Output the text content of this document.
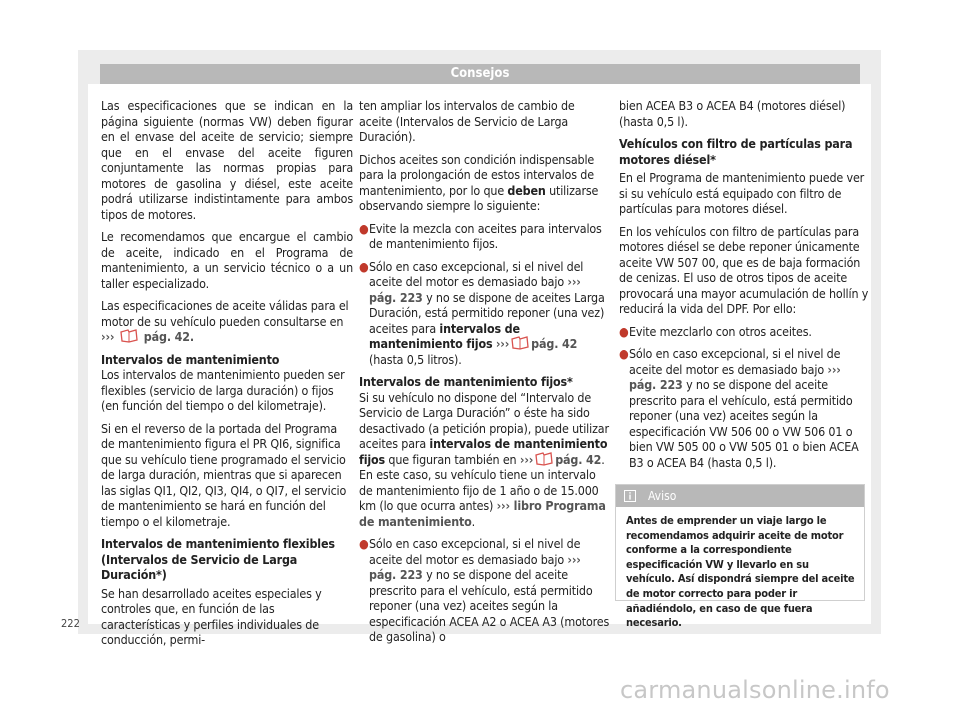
Consejos

Las especificaciones que se indican en la página siguiente (normas VW) deben figurar en el envase del aceite de servicio; siempre que en el envase del aceite figuren conjuntamente las normas propias para motores de gasolina y diésel, este aceite podrá utilizarse indistintamente para ambos tipos de motores.

Le recomendamos que encargue el cambio de aceite, indicado en el Programa de mantenimiento, a un servicio técnico o a un taller especializado.

Las especificaciones de aceite válidas para el motor de su vehículo pueden consultarse en ››› pág. 42.

Intervalos de mantenimiento

Los intervalos de mantenimiento pueden ser flexibles (servicio de larga duración) o fijos (en función del tiempo o del kilometraje).

Si en el reverso de la portada del Programa de mantenimiento figura el PR QI6, significa que su vehículo tiene programado el servicio de larga duración, mientras que si aparecen las siglas QI1, QI2, QI3, QI4, o QI7, el servicio de mantenimiento se hará en función del tiempo o el kilometraje.

Intervalos de mantenimiento flexibles (Intervalos de Servicio de Larga Duración*)

Se han desarrollado aceites especiales y controles que, en función de las características y perfiles individuales de conducción, permi-

ten ampliar los intervalos de cambio de aceite (Intervalos de Servicio de Larga Duración).

Dichos aceites son condición indispensable para la prolongación de estos intervalos de mantenimiento, por lo que deben utilizarse observando siempre lo siguiente:

● Evite la mezcla con aceites para intervalos de mantenimiento fijos.

● Sólo en caso excepcional, si el nivel del aceite del motor es demasiado bajo ››› pág. 223 y no se dispone de aceites Larga Duración, está permitido reponer (una vez) aceites para intervalos de mantenimiento fijos ››› pág. 42 (hasta 0,5 litros).

Intervalos de mantenimiento fijos*

Si su vehículo no dispone del “Intervalo de Servicio de Larga Duración” o éste ha sido desactivado (a petición propia), puede utilizar aceites para intervalos de mantenimiento fijos que figuran también en ››› pág. 42. En este caso, su vehículo tiene un intervalo de mantenimiento fijo de 1 año o de 15.000 km (lo que ocurra antes) ››› libro Programa de mantenimiento.

● Sólo en caso excepcional, si el nivel de aceite del motor es demasiado bajo ››› pág. 223 y no se dispone del aceite prescrito para el vehículo, está permitido reponer (una vez) aceites según la especificación ACEA A2 o ACEA A3 (motores de gasolina) o

bien ACEA B3 o ACEA B4 (motores diésel) (hasta 0,5 l).

Vehículos con filtro de partículas para motores diésel*

En el Programa de mantenimiento puede ver si su vehículo está equipado con filtro de partículas para motores diésel.

En los vehículos con filtro de partículas para motores diésel se debe reponer únicamente aceite VW 507 00, que es de baja formación de cenizas. El uso de otros tipos de aceite provocará una mayor acumulación de hollín y reducirá la vida del DPF. Por ello:

● Evite mezclarlo con otros aceites.

● Sólo en caso excepcional, si el nivel de aceite del motor es demasiado bajo ››› pág. 223 y no se dispone del aceite prescrito para el vehículo, está permitido reponer (una vez) aceites según la especificación VW 506 00 o VW 506 01 o bien VW 505 00 o VW 505 01 o bien ACEA B3 o ACEA B4 (hasta 0,5 l).

Aviso
Antes de emprender un viaje largo le recomendamos adquirir aceite de motor conforme a la correspondiente especificación VW y llevarlo en su vehículo. Así dispondrá siempre del aceite de motor correcto para poder ir añadiéndolo, en caso de que fuera necesario.
222
carmanualsonline.info
